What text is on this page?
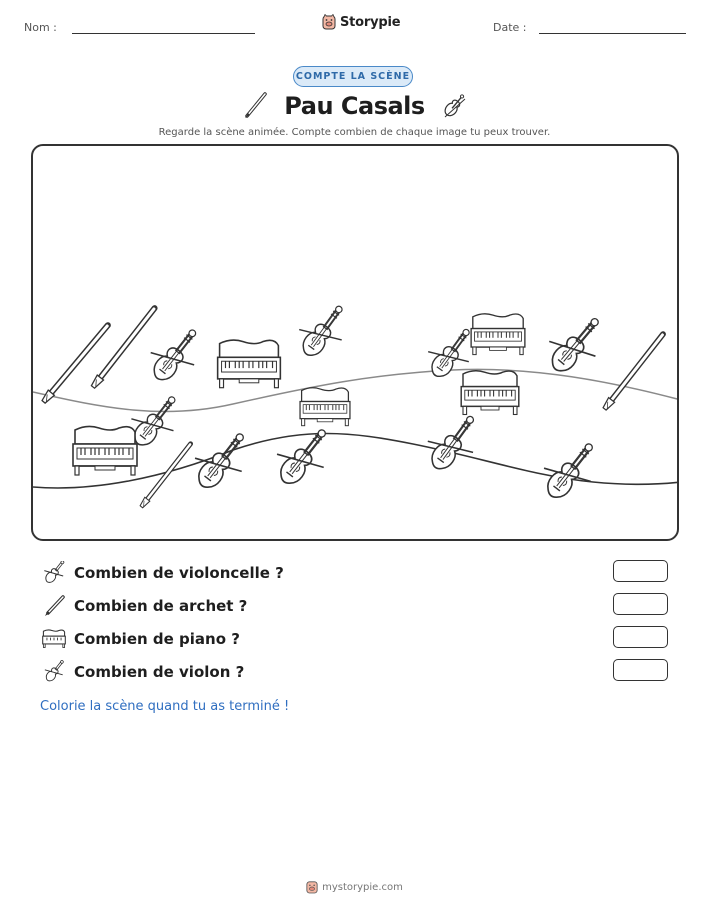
Nom :	Storypie	Date :
COMPTE LA SCÈNE
Pau Casals
Regarde la scène animée. Compte combien de chaque image tu peux trouver.
Combien de violoncelle ?
Combien de archet ?
Combien de piano ?
Combien de violon ?
Colorie la scène quand tu as terminé !
mystorypie.com
